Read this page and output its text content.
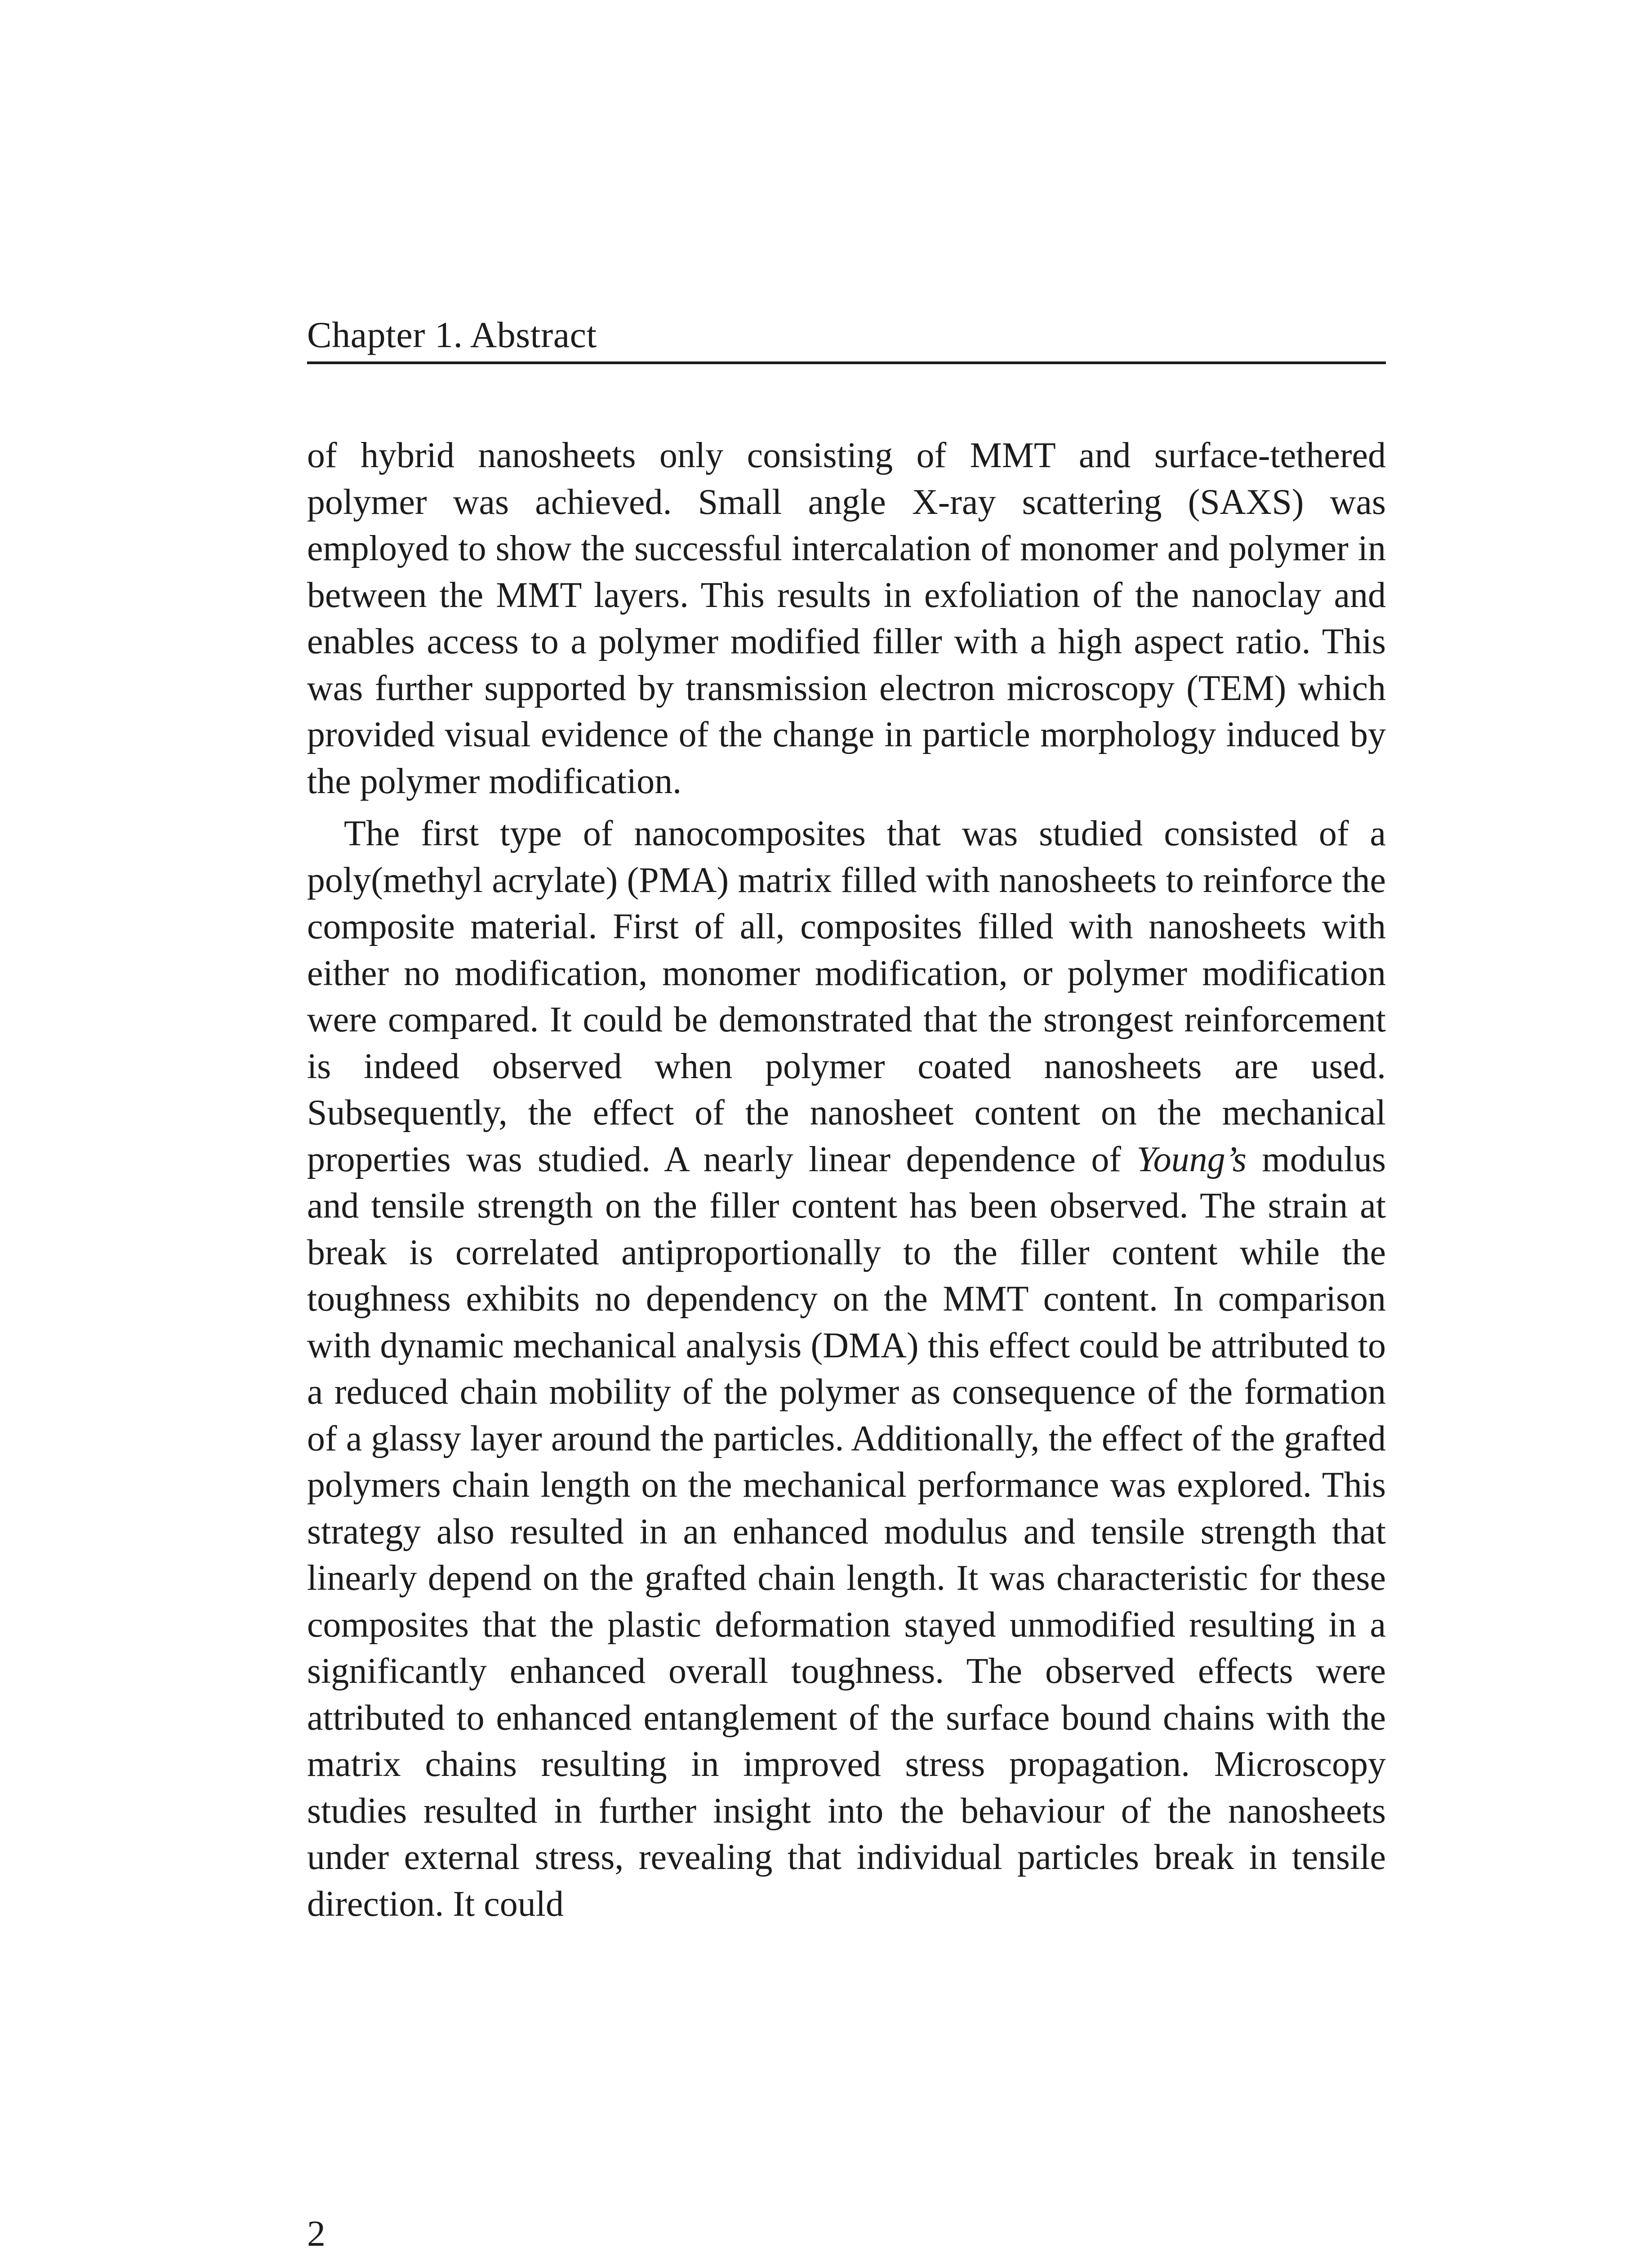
Chapter 1. Abstract

of hybrid nanosheets only consisting of MMT and surface-tethered polymer was achieved. Small angle X-ray scattering (SAXS) was employed to show the successful intercalation of monomer and polymer in between the MMT layers. This results in exfoliation of the nanoclay and enables access to a polymer modified filler with a high aspect ratio. This was further supported by transmission electron microscopy (TEM) which provided visual evidence of the change in particle morphology induced by the polymer modification.

The first type of nanocomposites that was studied consisted of a poly(methyl acrylate) (PMA) matrix filled with nanosheets to reinforce the composite material. First of all, composites filled with nanosheets with either no modification, monomer modification, or polymer modification were compared. It could be demonstrated that the strongest reinforcement is indeed observed when polymer coated nanosheets are used. Subsequently, the effect of the nanosheet content on the mechanical properties was studied. A nearly linear dependence of Young’s modulus and tensile strength on the filler content has been observed. The strain at break is correlated antiproportionally to the filler content while the toughness exhibits no dependency on the MMT content. In comparison with dynamic mechanical analysis (DMA) this effect could be attributed to a reduced chain mobility of the polymer as consequence of the formation of a glassy layer around the particles. Additionally, the effect of the grafted polymers chain length on the mechanical performance was explored. This strategy also resulted in an enhanced modulus and tensile strength that linearly depend on the grafted chain length. It was characteristic for these composites that the plastic deformation stayed unmodified resulting in a significantly enhanced overall toughness. The observed effects were attributed to enhanced entanglement of the surface bound chains with the matrix chains resulting in improved stress propagation. Microscopy studies resulted in further insight into the behaviour of the nanosheets under external stress, revealing that individual particles break in tensile direction. It could

2
